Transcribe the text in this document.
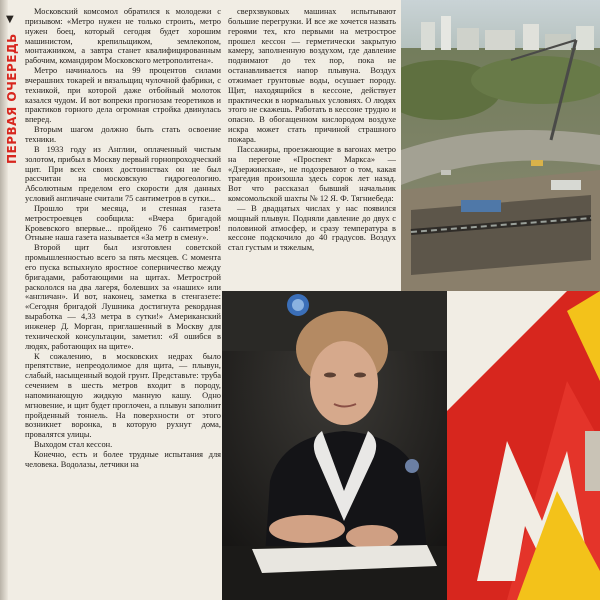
▼
ПЕРВАЯ ОЧЕРЕДЬ

Московский комсомол обратился к молодежи с призывом: «Метро нужен не только строить, метро нужен боец, который сегодня будет хорошим машинистом, крепильщиком, землекопом, монтажником, а завтра станет квалифицированным рабочим, командиром Московского метрополитена».

Метро начиналось на 99 процентов силами вчерашних токарей и вязальщиц чулочной фабрики, с техникой, при которой даже отбойный молоток казался чудом. И вот вопреки прогнозам теоретиков и практиков горного дела огромная стройка двинулась вперед.

Вторым шагом должно быть стать освоение техники.

В 1933 году из Англии, оплаченный чистым золотом, прибыл в Москву первый горнопроходческий щит. При всех своих достоинствах он не был рассчитан на московскую гидрогеологию. Абсолютным пределом его скорости для данных условий англичане считали 75 сантиметров в сутки...

Прошло три месяца, и стенная газета метростроевцев сообщила: «Вчера бригадой Кровевского впервые... пройдено 76 сантиметров! Отныне наша газета называется «За метр в смену».

Второй щит был изготовлен советской промышленностью всего за пять месяцев. С момента его пуска вспыхнуло яростное соперничество между бригадами, работающими на щитах. Метрострой раскололся на два лагеря, болевших за «наших» или «англичан». И вот, наконец, заметка в стенгазете: «Сегодня бригадой Лушника достигнута рекордная выработка — 4,33 метра в сутки!» Американский инженер Д. Морган, приглашенный в Москву для технической консультации, заметил: «Я ошибся в людях, работающих на щите».

К сожалению, в московских недрах было препятствие, непреодолимое для щита, — плывун, слабый, насыщенный водой грунт. Представьте: труба сечением в шесть метров входит в породу, напоминающую жидкую манную кашу. Одно мгновение, и щит будет проглочен, а плывун заполнит пройденный тоннель. На поверхности от этого возникнет воронка, в которую рухнут дома, провалятся улицы.

Выходом стал кессон.

Конечно, есть и более трудные испытания для человека. Водолазы, летчики на

сверхзвуковых машинах испытывают большие перегрузки. И все же хочется назвать героями тех, кто первыми на метрострое прошел кессон — герметически закрытую камеру, заполненную воздухом, где давление поднимают до тех пор, пока не останавливается напор плывуна. Воздух отжимает грунтовые воды, осушает породу. Щит, находящийся в кессоне, действует практически в нормальных условиях. О людях этого не скажешь. Работать в кессоне трудно и опасно. В обогащенном кислородом воздухе искра может стать причиной страшного пожара.

Пассажиры, проезжающие в вагонах метро на перегоне «Проспект Маркса» — «Дзержинская», не подозревают о том, какая трагедия произошла здесь сорок лет назад. Вот что рассказал бывший начальник комсомольской шахты № 12 Я. Ф. Тягниебеда:

— В двадцатых числах у нас появился мощный плывун. Подняли давление до двух с половиной атмосфер, и сразу температура в кессоне подскочило до 40 градусов. Воздух стал густым и тяжелым,
